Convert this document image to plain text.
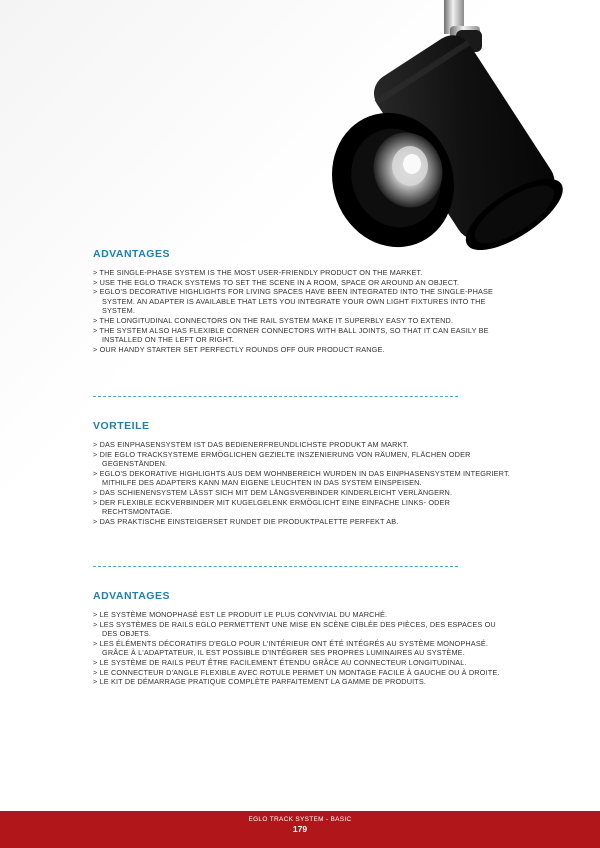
ADVANTAGES
> THE SINGLE-PHASE SYSTEM IS THE MOST USER-FRIENDLY PRODUCT ON THE MARKET.
> USE THE EGLO TRACK SYSTEMS TO SET THE SCENE IN A ROOM, SPACE OR AROUND AN OBJECT.
> EGLO'S DECORATIVE HIGHLIGHTS FOR LIVING SPACES HAVE BEEN INTEGRATED INTO THE SINGLE-PHASE SYSTEM. AN ADAPTER IS AVAILABLE THAT LETS YOU INTEGRATE YOUR OWN LIGHT FIXTURES INTO THE SYSTEM.
> THE LONGITUDINAL CONNECTORS ON THE RAIL SYSTEM MAKE IT SUPERBLY EASY TO EXTEND.
> THE SYSTEM ALSO HAS FLEXIBLE CORNER CONNECTORS WITH BALL JOINTS, SO THAT IT CAN EASILY BE INSTALLED ON THE LEFT OR RIGHT.
> OUR HANDY STARTER SET PERFECTLY ROUNDS OFF OUR PRODUCT RANGE.
VORTEILE
> DAS EINPHASENSYSTEM IST DAS BEDIENERFREUNDLICHSTE PRODUKT AM MARKT.
> DIE EGLO TRACKSYSTEME ERMÖGLICHEN GEZIELTE INSZENIERUNG VON RÄUMEN, FLÄCHEN ODER GEGENSTÄNDEN.
> EGLO'S DEKORATIVE HIGHLIGHTS AUS DEM WOHNBEREICH WURDEN IN DAS EINPHASENSYSTEM INTEGRIERT. MITHILFE DES ADAPTERS KANN MAN EIGENE LEUCHTEN IN DAS SYSTEM EINSPEISEN.
> DAS SCHIENENSYSTEM LÄSST SICH MIT DEM LÄNGSVERBINDER KINDERLEICHT VERLÄNGERN.
> DER FLEXIBLE ECKVERBINDER MIT KUGELGELENK ERMÖGLICHT EINE EINFACHE LINKS- ODER RECHTSMONTAGE.
> DAS PRAKTISCHE EINSTEIGERSET RUNDET DIE PRODUKTPALETTE PERFEKT AB.
ADVANTAGES
> LE SYSTÈME MONOPHASÉ EST LE PRODUIT LE PLUS CONVIVIAL DU MARCHÉ.
> LES SYSTÈMES DE RAILS EGLO PERMETTENT UNE MISE EN SCÈNE CIBLÉE DES PIÈCES, DES ESPACES OU DES OBJETS.
> LES ÉLÉMENTS DÉCORATIFS D'EGLO POUR L'INTÉRIEUR ONT ÉTÉ INTÉGRÉS AU SYSTÈME MONOPHASÉ. GRÂCE À L'ADAPTATEUR, IL EST POSSIBLE D'INTÉGRER SES PROPRES LUMINAIRES AU SYSTÈME.
> LE SYSTÈME DE RAILS PEUT ÊTRE FACILEMENT ÉTENDU GRÂCE AU CONNECTEUR LONGITUDINAL.
> LE CONNECTEUR D'ANGLE FLEXIBLE AVEC ROTULE PERMET UN MONTAGE FACILE À GAUCHE OU À DROITE.
> LE KIT DE DÉMARRAGE PRATIQUE COMPLÈTE PARFAITEMENT LA GAMME DE PRODUITS.
EGLO TRACK SYSTEM - BASIC
179
